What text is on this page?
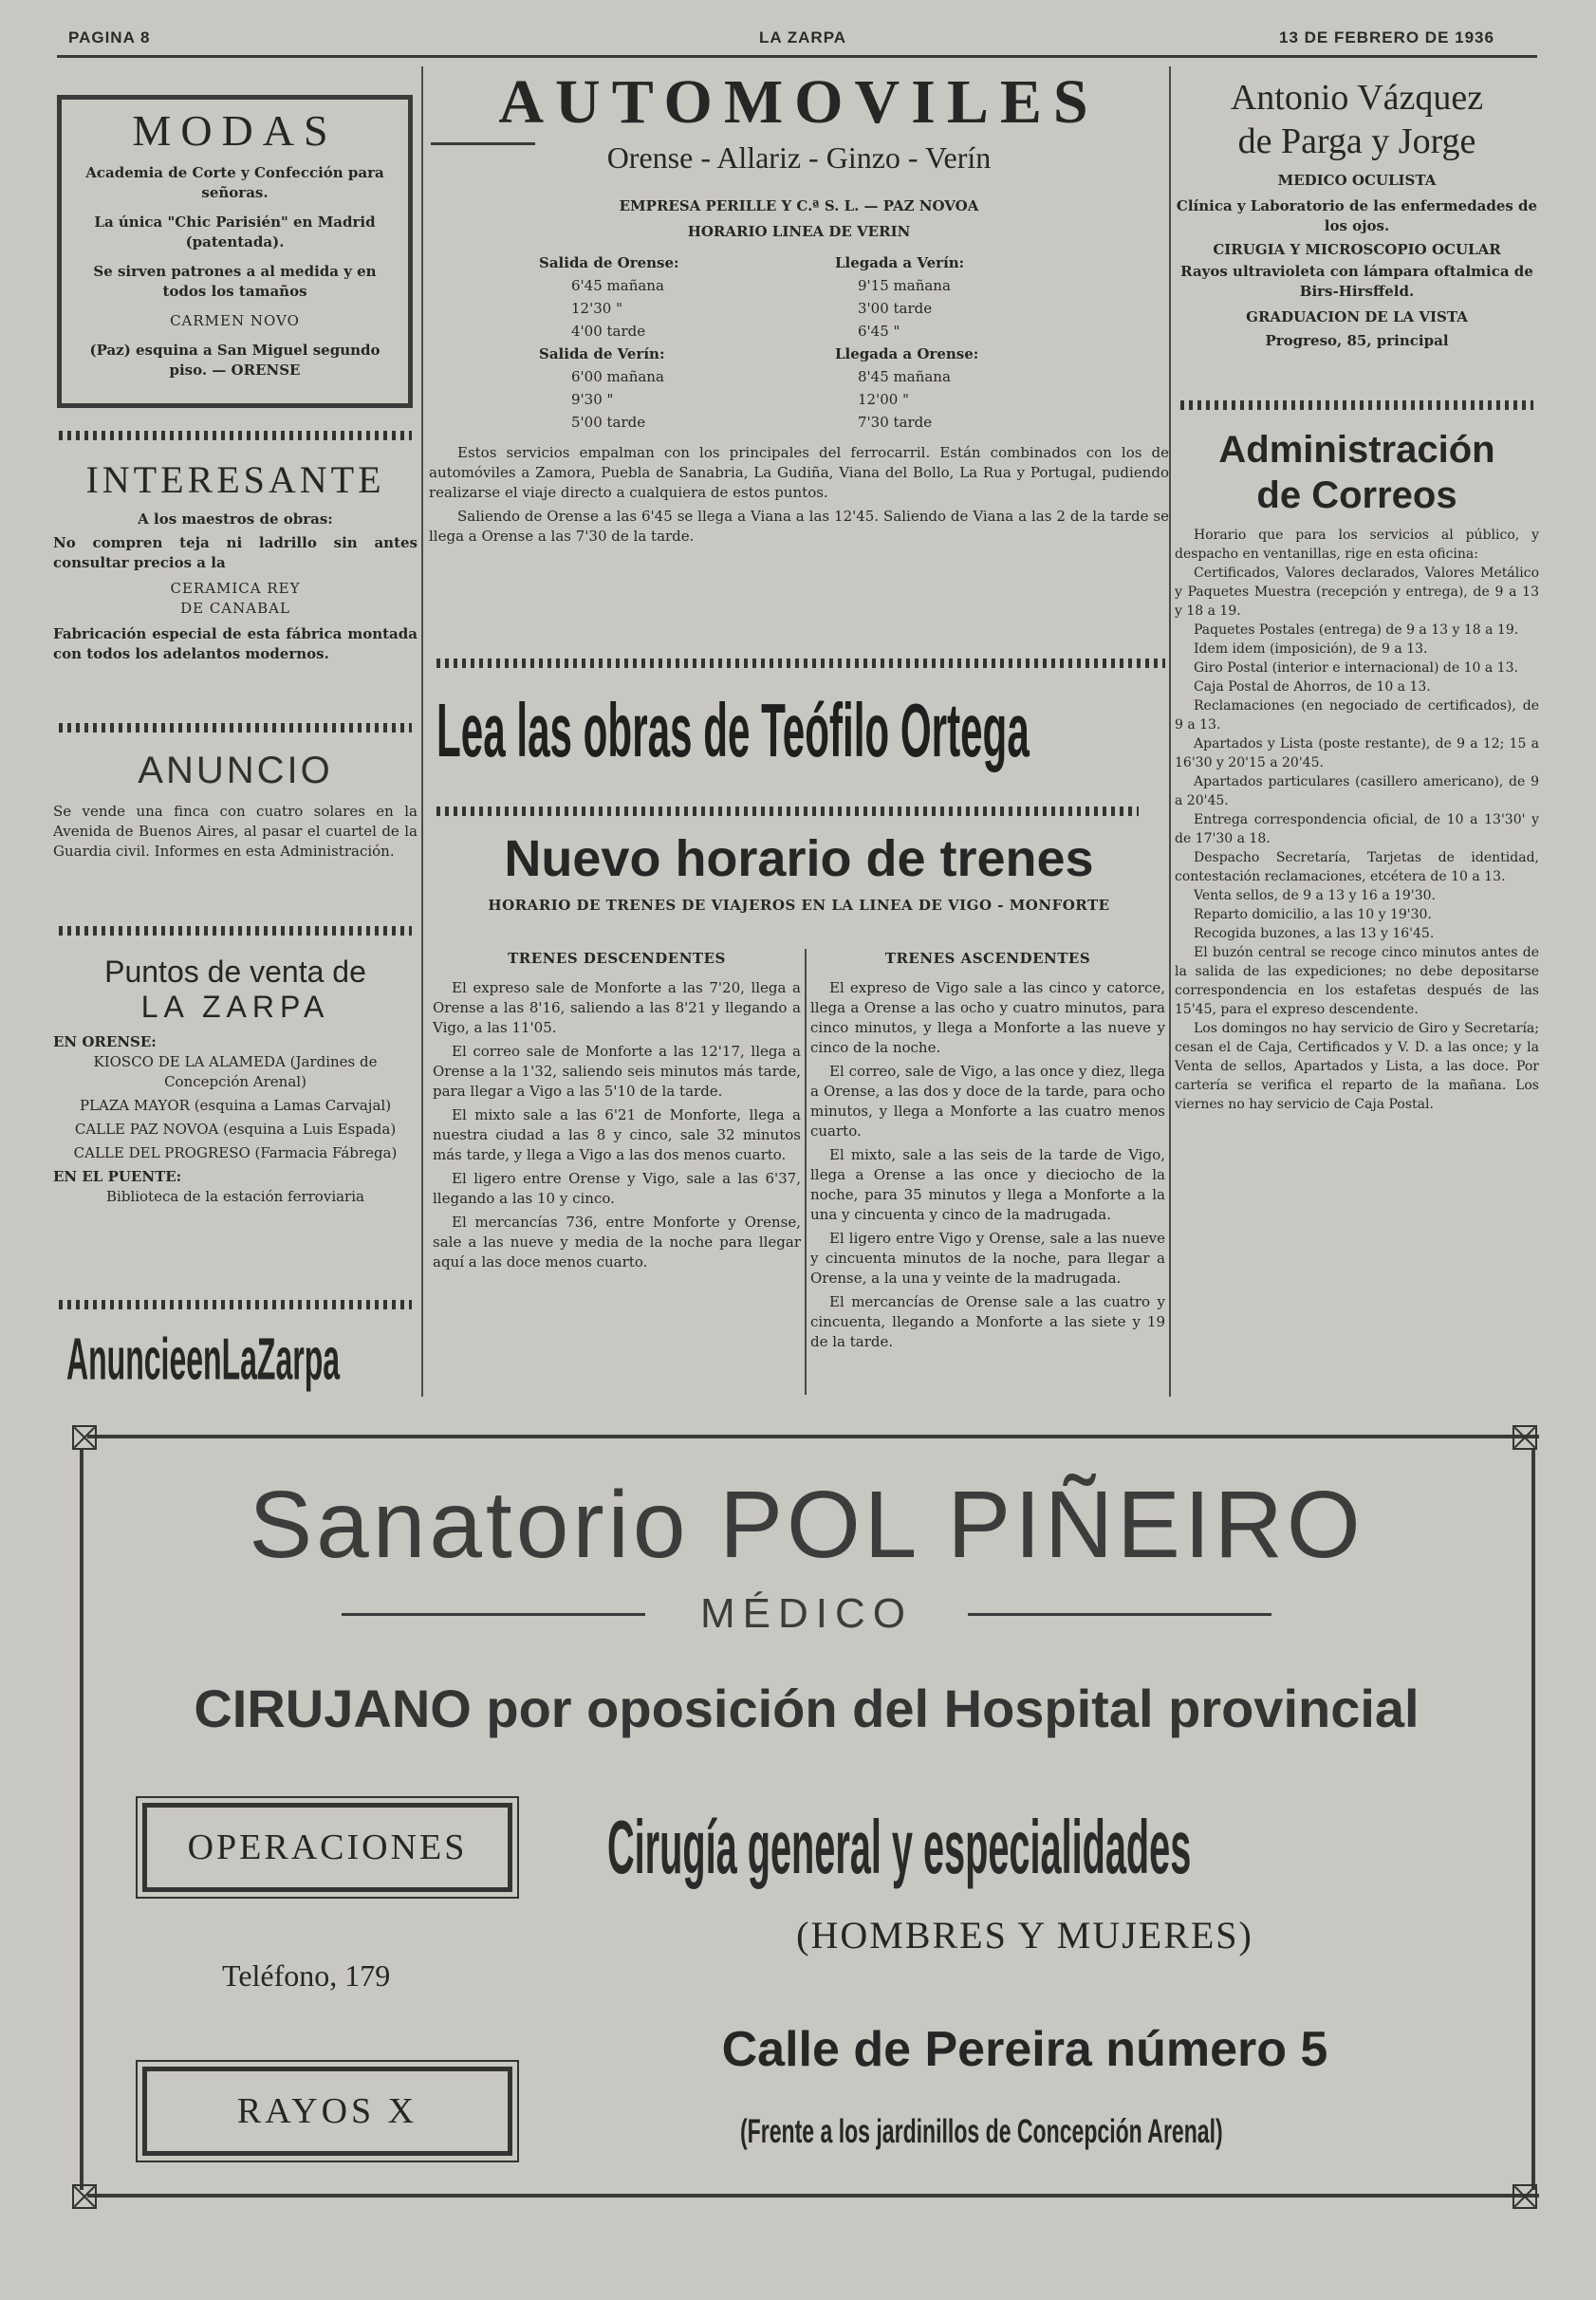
PAGINA 8	LA ZARPA	13 DE FEBRERO DE 1936
MODAS

Academia de Corte y Confección para señoras.

La única "Chic Parisién" en Madrid (patentada).

Se sirven patrones a al medida y en todos los tamaños

CARMEN NOVO

(Paz) esquina a San Miguel segundo piso. — ORENSE

INTERESANTE

A los maestros de obras:

No compren teja ni ladrillo sin antes consultar precios a la

CERAMICA REY

DE CANABAL

Fabricación especial de esta fábrica montada con todos los adelantos modernos.

ANUNCIO

Se vende una finca con cuatro solares en la Avenida de Buenos Aires, al pasar el cuartel de la Guardia civil. Informes en esta Administración.

Puntos de venta de
LA ZARPA

EN ORENSE:

KIOSCO DE LA ALAMEDA (Jardines de Concepción Arenal)

PLAZA MAYOR (esquina a Lamas Carvajal)

CALLE PAZ NOVOA (esquina a Luis Espada)

CALLE DEL PROGRESO (Farmacia Fábrega)

EN EL PUENTE:

Biblioteca de la estación ferroviaria

AnuncieenLaZarpa
AUTOMOVILES
Orense - Allariz - Ginzo - Verín

EMPRESA PERILLE Y C.ª S. L. — PAZ NOVOA

HORARIO LINEA DE VERIN

Salida de Orense:	Llegada a Verín:
6'45 mañana	9'15 mañana
12'30 "	3'00 tarde
4'00 tarde	6'45 "
Salida de Verín:	Llegada a Orense:
6'00 mañana	8'45 mañana
9'30 "	12'00 "
5'00 tarde	7'30 tarde

Estos servicios empalman con los principales del ferrocarril. Están combinados con los de automóviles a Zamora, Puebla de Sanabria, La Gudiña, Viana del Bollo, La Rua y Portugal, pudiendo realizarse el viaje directo a cualquiera de estos puntos.

Saliendo de Orense a las 6'45 se llega a Viana a las 12'45. Saliendo de Viana a las 2 de la tarde se llega a Orense a las 7'30 de la tarde.

Lea las obras de Teófilo Ortega
Nuevo horario de trenes

HORARIO DE TRENES DE VIAJEROS EN LA LINEA DE VIGO - MONFORTE

TRENES DESCENDENTES

El expreso sale de Monforte a las 7'20, llega a Orense a las 8'16, saliendo a las 8'21 y llegando a Vigo, a las 11'05.

El correo sale de Monforte a las 12'17, llega a Orense a la 1'32, saliendo seis minutos más tarde, para llegar a Vigo a las 5'10 de la tarde.

El mixto sale a las 6'21 de Monforte, llega a nuestra ciudad a las 8 y cinco, sale 32 minutos más tarde, y llega a Vigo a las dos menos cuarto.

El ligero entre Orense y Vigo, sale a las 6'37, llegando a las 10 y cinco.

El mercancías 736, entre Monforte y Orense, sale a las nueve y media de la noche para llegar aquí a las doce menos cuarto.

TRENES ASCENDENTES

El expreso de Vigo sale a las cinco y catorce, llega a Orense a las ocho y cuatro minutos, para cinco minutos, y llega a Monforte a las nueve y cinco de la noche.

El correo, sale de Vigo, a las once y diez, llega a Orense, a las dos y doce de la tarde, para ocho minutos, y llega a Monforte a las cuatro menos cuarto.

El mixto, sale a las seis de la tarde de Vigo, llega a Orense a las once y dieciocho de la noche, para 35 minutos y llega a Monforte a la una y cincuenta y cinco de la madrugada.

El ligero entre Vigo y Orense, sale a las nueve y cincuenta minutos de la noche, para llegar a Orense, a la una y veinte de la madrugada.

El mercancías de Orense sale a las cuatro y cincuenta, llegando a Monforte a las siete y 19 de la tarde.

Antonio Vázquez
de Parga y Jorge

MEDICO OCULISTA

Clínica y Laboratorio de las enfermedades de los ojos.

CIRUGIA Y MICROSCOPIO OCULAR

Rayos ultravioleta con lámpara oftalmica de Birs-Hirsffeld.

GRADUACION DE LA VISTA

Progreso, 85, principal

Administración
de Correos

Horario que para los servicios al público, y despacho en ventanillas, rige en esta oficina:

Certificados, Valores declarados, Valores Metálico y Paquetes Muestra (recepción y entrega), de 9 a 13 y 18 a 19.

Paquetes Postales (entrega) de 9 a 13 y 18 a 19.

Idem idem (imposición), de 9 a 13.

Giro Postal (interior e internacional) de 10 a 13.

Caja Postal de Ahorros, de 10 a 13.

Reclamaciones (en negociado de certificados), de 9 a 13.

Apartados y Lista (poste restante), de 9 a 12; 15 a 16'30 y 20'15 a 20'45.

Apartados particulares (casillero americano), de 9 a 20'45.

Entrega correspondencia oficial, de 10 a 13'30' y de 17'30 a 18.

Despacho Secretaría, Tarjetas de identidad, contestación reclamaciones, etcétera de 10 a 13.

Venta sellos, de 9 a 13 y 16 a 19'30.

Reparto domicilio, a las 10 y 19'30.

Recogida buzones, a las 13 y 16'45.

El buzón central se recoge cinco minutos antes de la salida de las expediciones; no debe depositarse correspondencia en los estafetas después de las 15'45, para el expreso descendente.

Los domingos no hay servicio de Giro y Secretaría; cesan el de Caja, Certificados y V. D. a las once; y la Venta de sellos, Apartados y Lista, a las doce. Por cartería se verifica el reparto de la mañana. Los viernes no hay servicio de Caja Postal.

Sanatorio POL PIÑEIRO
MÉDICO
CIRUJANO por oposición del Hospital provincial
OPERACIONES
Teléfono, 179
RAYOS X
Cirugía general y especialidades
(HOMBRES Y MUJERES)
Calle de Pereira número 5
(Frente a los jardinillos de Concepción Arenal)
